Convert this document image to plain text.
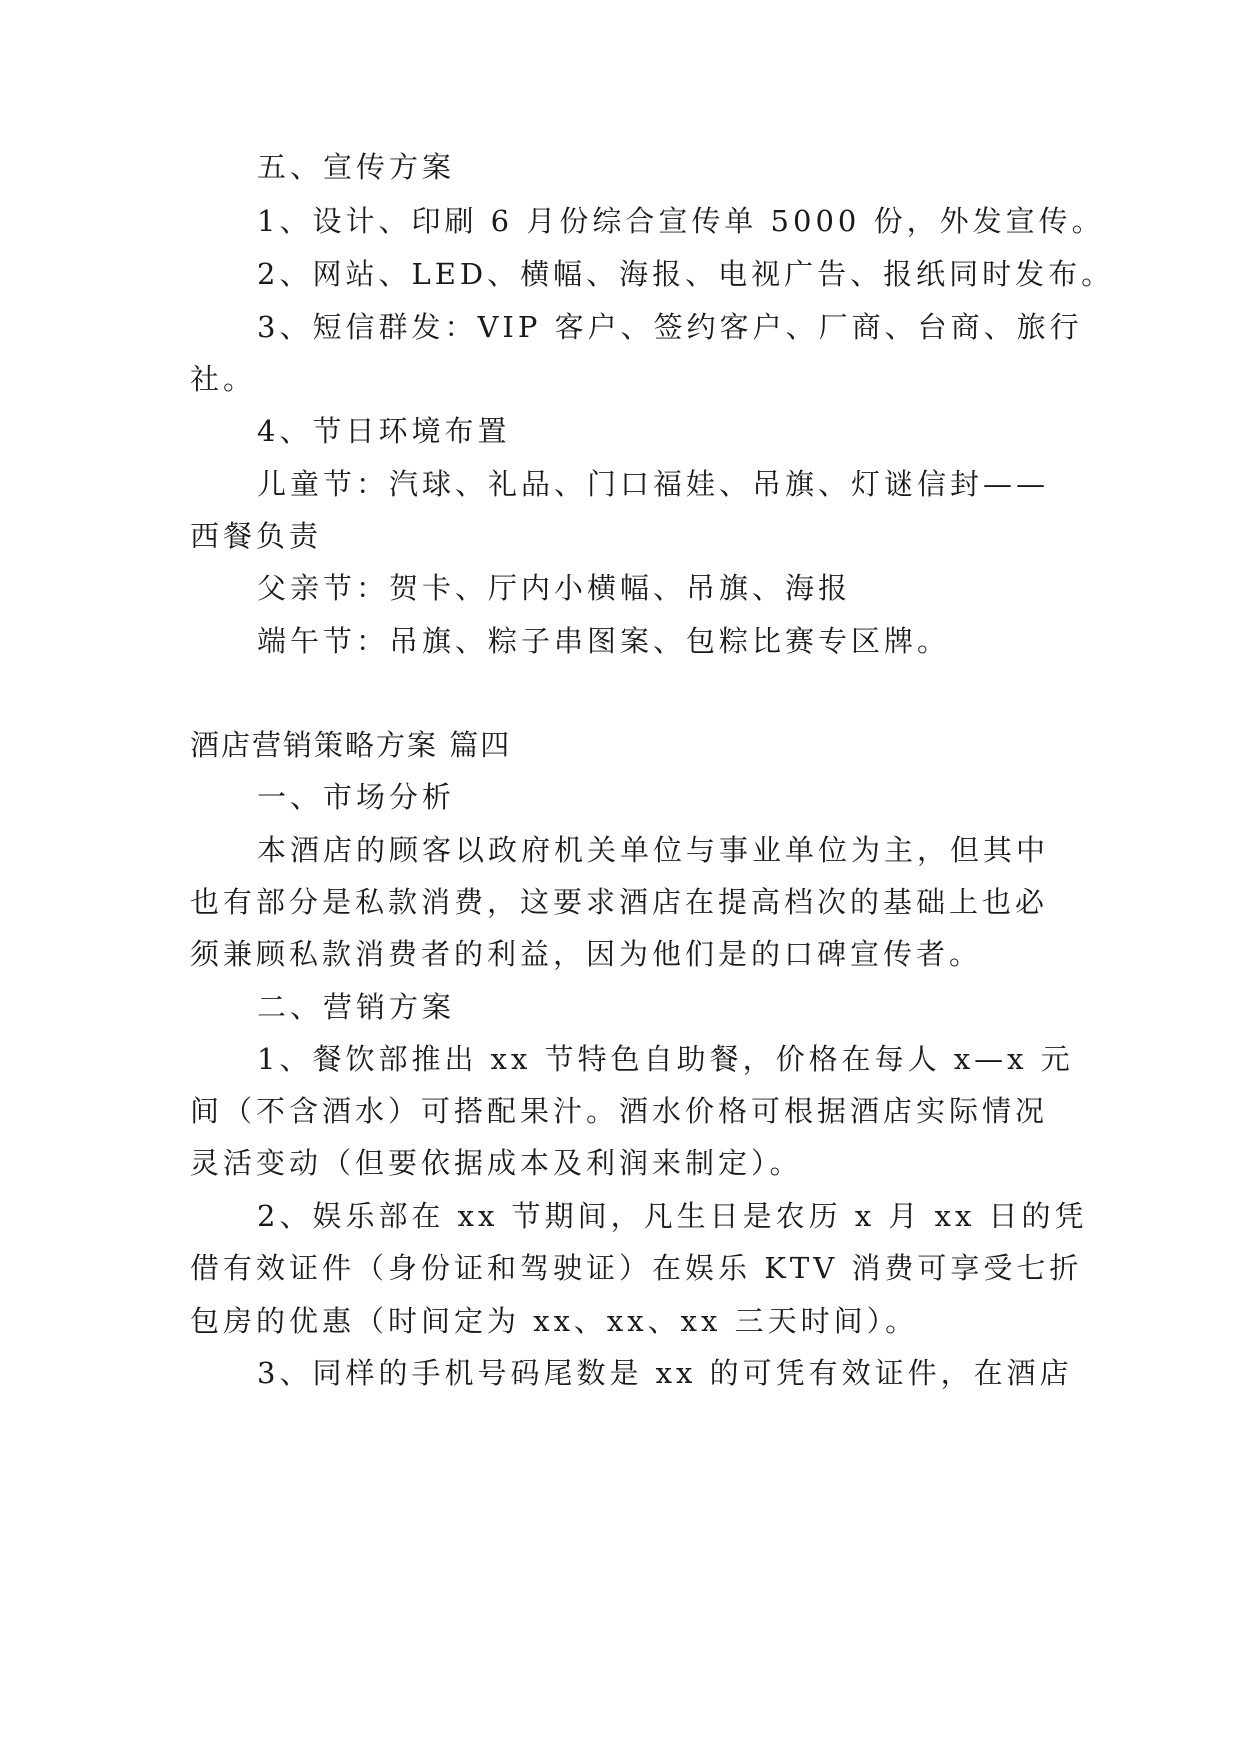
五、宣传方案
1、设计、印刷 6 月份综合宣传单 5000 份，外发宣传。
2、网站、LED、横幅、海报、电视广告、报纸同时发布。
3、短信群发：VIP 客户、签约客户、厂商、台商、旅行
社。
4、节日环境布置
儿童节：汽球、礼品、门口福娃、吊旗、灯谜信封——
西餐负责
父亲节：贺卡、厅内小横幅、吊旗、海报
端午节：吊旗、粽子串图案、包粽比赛专区牌。
酒店营销策略方案 篇四
一、市场分析
本酒店的顾客以政府机关单位与事业单位为主，但其中
也有部分是私款消费，这要求酒店在提高档次的基础上也必
须兼顾私款消费者的利益，因为他们是的口碑宣传者。
二、营销方案
1、餐饮部推出 xx 节特色自助餐，价格在每人 x—x 元
间（不含酒水）可搭配果汁。酒水价格可根据酒店实际情况
灵活变动（但要依据成本及利润来制定）。
2、娱乐部在 xx 节期间，凡生日是农历 x 月 xx 日的凭
借有效证件（身份证和驾驶证）在娱乐 KTV 消费可享受七折
包房的优惠（时间定为 xx、xx、xx 三天时间）。
3、同样的手机号码尾数是 xx 的可凭有效证件，在酒店
